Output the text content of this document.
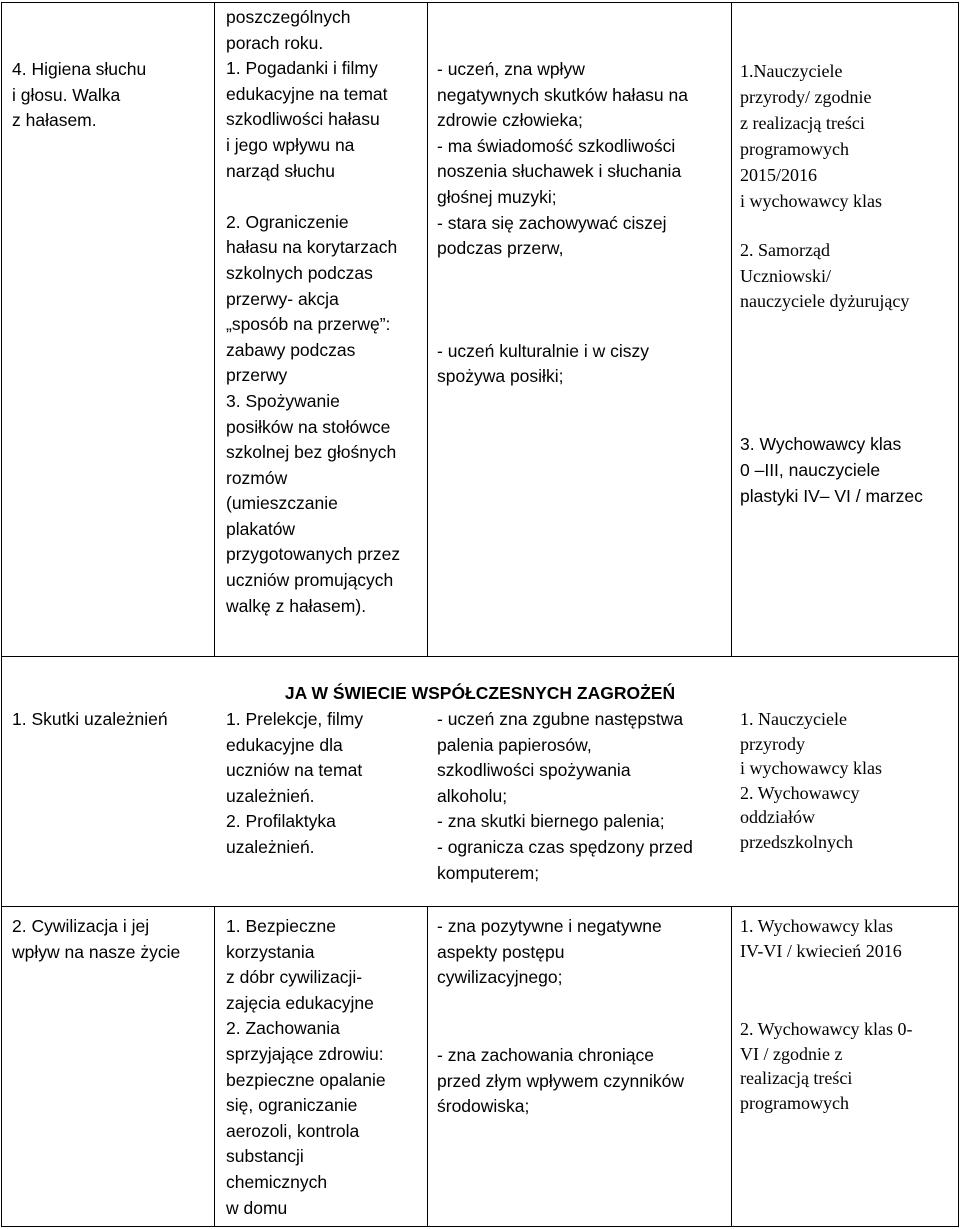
4. Higiena słuchu
i głosu. Walka
z hałasem.
poszczególnych
porach roku.
1. Pogadanki i filmy
edukacyjne na temat
szkodliwości hałasu
i jego wpływu na
narząd słuchu

2. Ograniczenie
hałasu na korytarzach
szkolnych podczas
przerwy- akcja
„sposób na przerwę”:
zabawy podczas
przerwy
3. Spożywanie
posiłków na stołówce
szkolnej bez głośnych
rozmów
(umieszczanie
plakatów
przygotowanych przez
uczniów promujących
walkę z hałasem).
- uczeń, zna wpływ
negatywnych skutków hałasu na
zdrowie człowieka;
- ma świadomość szkodliwości
noszenia słuchawek i słuchania
głośnej muzyki;
- stara się zachowywać ciszej
podczas przerw,

- uczeń kulturalnie i w ciszy
spożywa posiłki;
1.Nauczyciele
przyrody/ zgodnie
z realizacją treści
programowych
2015/2016
i wychowawcy klas
2. Samorząd
Uczniowski/
nauczyciele dyżurujący
3. Wychowawcy klas
0 –III, nauczyciele
plastyki IV– VI / marzec
JA W ŚWIECIE WSPÓŁCZESNYCH ZAGROŻEŃ
1. Skutki uzależnień	1. Prelekcje, filmy
edukacyjne dla
uczniów na temat
uzależnień.
2. Profilaktyka
uzależnień.
- uczeń zna zgubne następstwa
palenia papierosów,
szkodliwości spożywania
alkoholu;
- zna skutki biernego palenia;
- ogranicza czas spędzony przed
komputerem;
1. Nauczyciele
przyrody
i wychowawcy klas
2. Wychowawcy
oddziałów
przedszkolnych
2. Cywilizacja i jej
wpływ na nasze życie
1. Bezpieczne
korzystania
z dóbr cywilizacji-
zajęcia edukacyjne
2. Zachowania
sprzyjające zdrowiu:
bezpieczne opalanie
się, ograniczanie
aerozoli, kontrola
substancji
chemicznych
w domu
- zna pozytywne i negatywne
aspekty postępu
cywilizacyjnego;
- zna zachowania chroniące
przed złym wpływem czynników
środowiska;
1. Wychowawcy klas
IV-VI / kwiecień 2016
2. Wychowawcy klas 0-
VI / zgodnie z
realizacją treści
programowych
